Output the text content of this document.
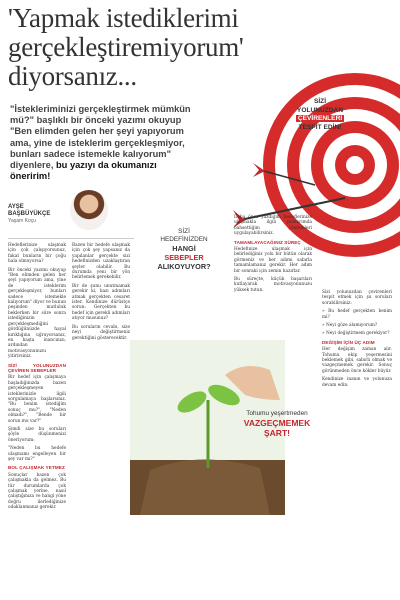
'Yapmak istediklerimi
gerçekleştiremiyorum'
diyorsanız...
"İstekleriminizi gerçekleştirmek mümkün mü?" başlıklı bir önceki yazımı okuyup "Ben elimden gelen her şeyi yapıyorum ama, yine de isteklerim gerçekleşmiyor, bunları sadece istemekle kalıyorum" diyenlere, bu yazıyı da okumanızı öneririm!
SİZİ
YOLUNUZDAN
ÇEVİRENLERİ
TESPİT EDİN!
AYŞE
BAŞBÜYÜKÇE
Yaşam Koçu

Hedeflerinize ulaşmak için çok çalışıyorsunuz, fakat bunların bir çoğu hala olmuyorsa?

Bir önceki yazımı okuyup "Ben elimden gelen her şeyi yapıyorum ama, yine de isteklerim gerçekleşmiyor, bunları sadece istemekle kalıyorum" diyor ve bunun peşinden mutluluk beklerken bir süre sonra istediğinizin gerçekleşmediğini gördüğünüzde hayal kırıklığına uğruyorsanız, en başta inancınızı, ardından motivasyonunuzu yitirirsiniz.

SİZİ YOLUNUZDAN ÇEVİREN SEBEPLER

Bir hedef için çalışmaya başladığınızda bazen gerçekleşmeyen isteklerinizle ilgili sorgulamaya başlarsınız. "Bu benim istediğim sonuç mu?", "Neden olmadı?", "Bende bir sorun mu var?"

Şimdi size bu soruları şöyle düşünmenizi öneriyorum:

"Neden bu hedefe ulaşmamı engelleyen bir şey var mı?"

BOL ÇALIŞMAK YETMEZ

Sonuçlar bazen çok çalışmakla da gelmez. Bu tür durumlarda çok çalışmak yerine, nasıl çalıştığınıza ve hangi yöne doğru ilerlediğinize odaklanmanız gerekir.

Bazen bir hedefe ulaşmak için çok şey yapsanız da yapılanlar gerçekte sizi hedefinizden uzaklaştıran şeyler olabilir. Bu durumda yeni bir yön belirlemek gerekebilir.

Bir de şunu unutmamak gerekir ki, bazı adımları atmak gerçekten cesaret ister. Kendinize dürüstçe sorun: Gerçekten bu hedef için gerekli adımları atıyor musunuz?

Bu soruların cevabı, size neyi değiştirmeniz gerektiğini gösterecektir.

SİZİ
HEDEFİNİZDEN
HANGİ
SEBEPLER
ALIKOYUYOR?

Daha önce yazdığım hedeflerinize ulaşmakla ilgili yazılarımda bahsettiğim yöntemleri uygulayabilirsiniz.

TAMAMLAYACAĞINIZ SÜREÇ

Hedefinize ulaşmak için belirlediğiniz yolu bir bütün olarak görmeniz ve her adımı sabırla tamamlamanız gerekir. Her adım bir sonraki için zemin hazırlar.

Bu süreçte, küçük başarıları kutlayarak motivasyonunuzu yüksek tutun.

Tohumu yeşertmeden
VAZGEÇMEMEK ŞART!

Sizi yolunuzdan çevirenleri tespit etmek için şu soruları sorabilirsiniz:

» Bu hedef gerçekten benim mi?

» Neyi göze alamıyorum?

» Neyi değiştirmem gerekiyor?

DEĞİŞİM İÇİN ÜÇ ADIM

Her değişim zaman alır. Tohumu ekip yeşermesini beklemek gibi, sabırlı olmak ve vazgeçmemek gerekir. Sonuç görünmeden önce kökler büyür.

Kendinize inanın ve yolunuza devam edin.
